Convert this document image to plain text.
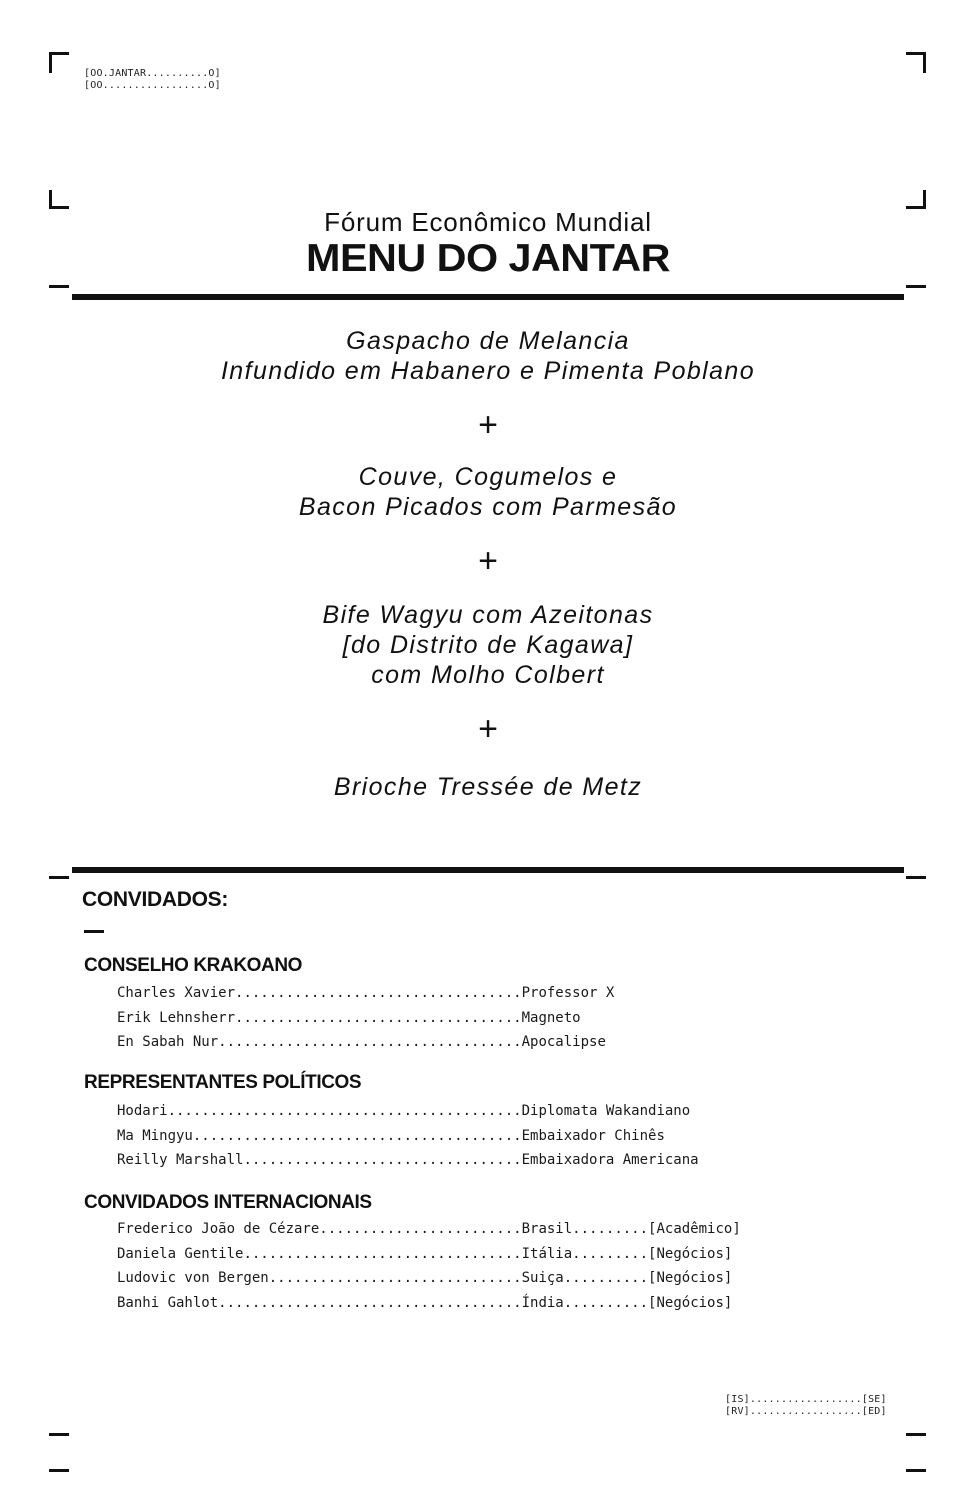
[OO.JANTAR..........O]
[OO.................O]
Fórum Econômico Mundial
MENU DO JANTAR
Gaspacho de Melancia
Infundido em Habanero e Pimenta Poblano
+
Couve, Cogumelos e
Bacon Picados com Parmesão
+
Bife Wagyu com Azeitonas
[do Distrito de Kagawa]
com Molho Colbert
+
Brioche Tressée de Metz
CONVIDADOS:
CONSELHO KRAKOANO
Charles Xavier..................................Professor X
Erik Lehnsherr..................................Magneto
En Sabah Nur....................................Apocalipse
REPRESENTANTES POLÍTICOS
Hodari..........................................Diplomata Wakandiano
Ma Mingyu.......................................Embaixador Chinês
Reilly Marshall.................................Embaixadora Americana
CONVIDADOS INTERNACIONAIS
Frederico João de Cézare........................Brasil.........[Acadêmico]
Daniela Gentile.................................Itália.........[Negócios]
Ludovic von Bergen..............................Suiça..........[Negócios]
Banhi Gahlot....................................Índia..........[Negócios]
[IS]..................[SE]
[RV]..................[ED]
